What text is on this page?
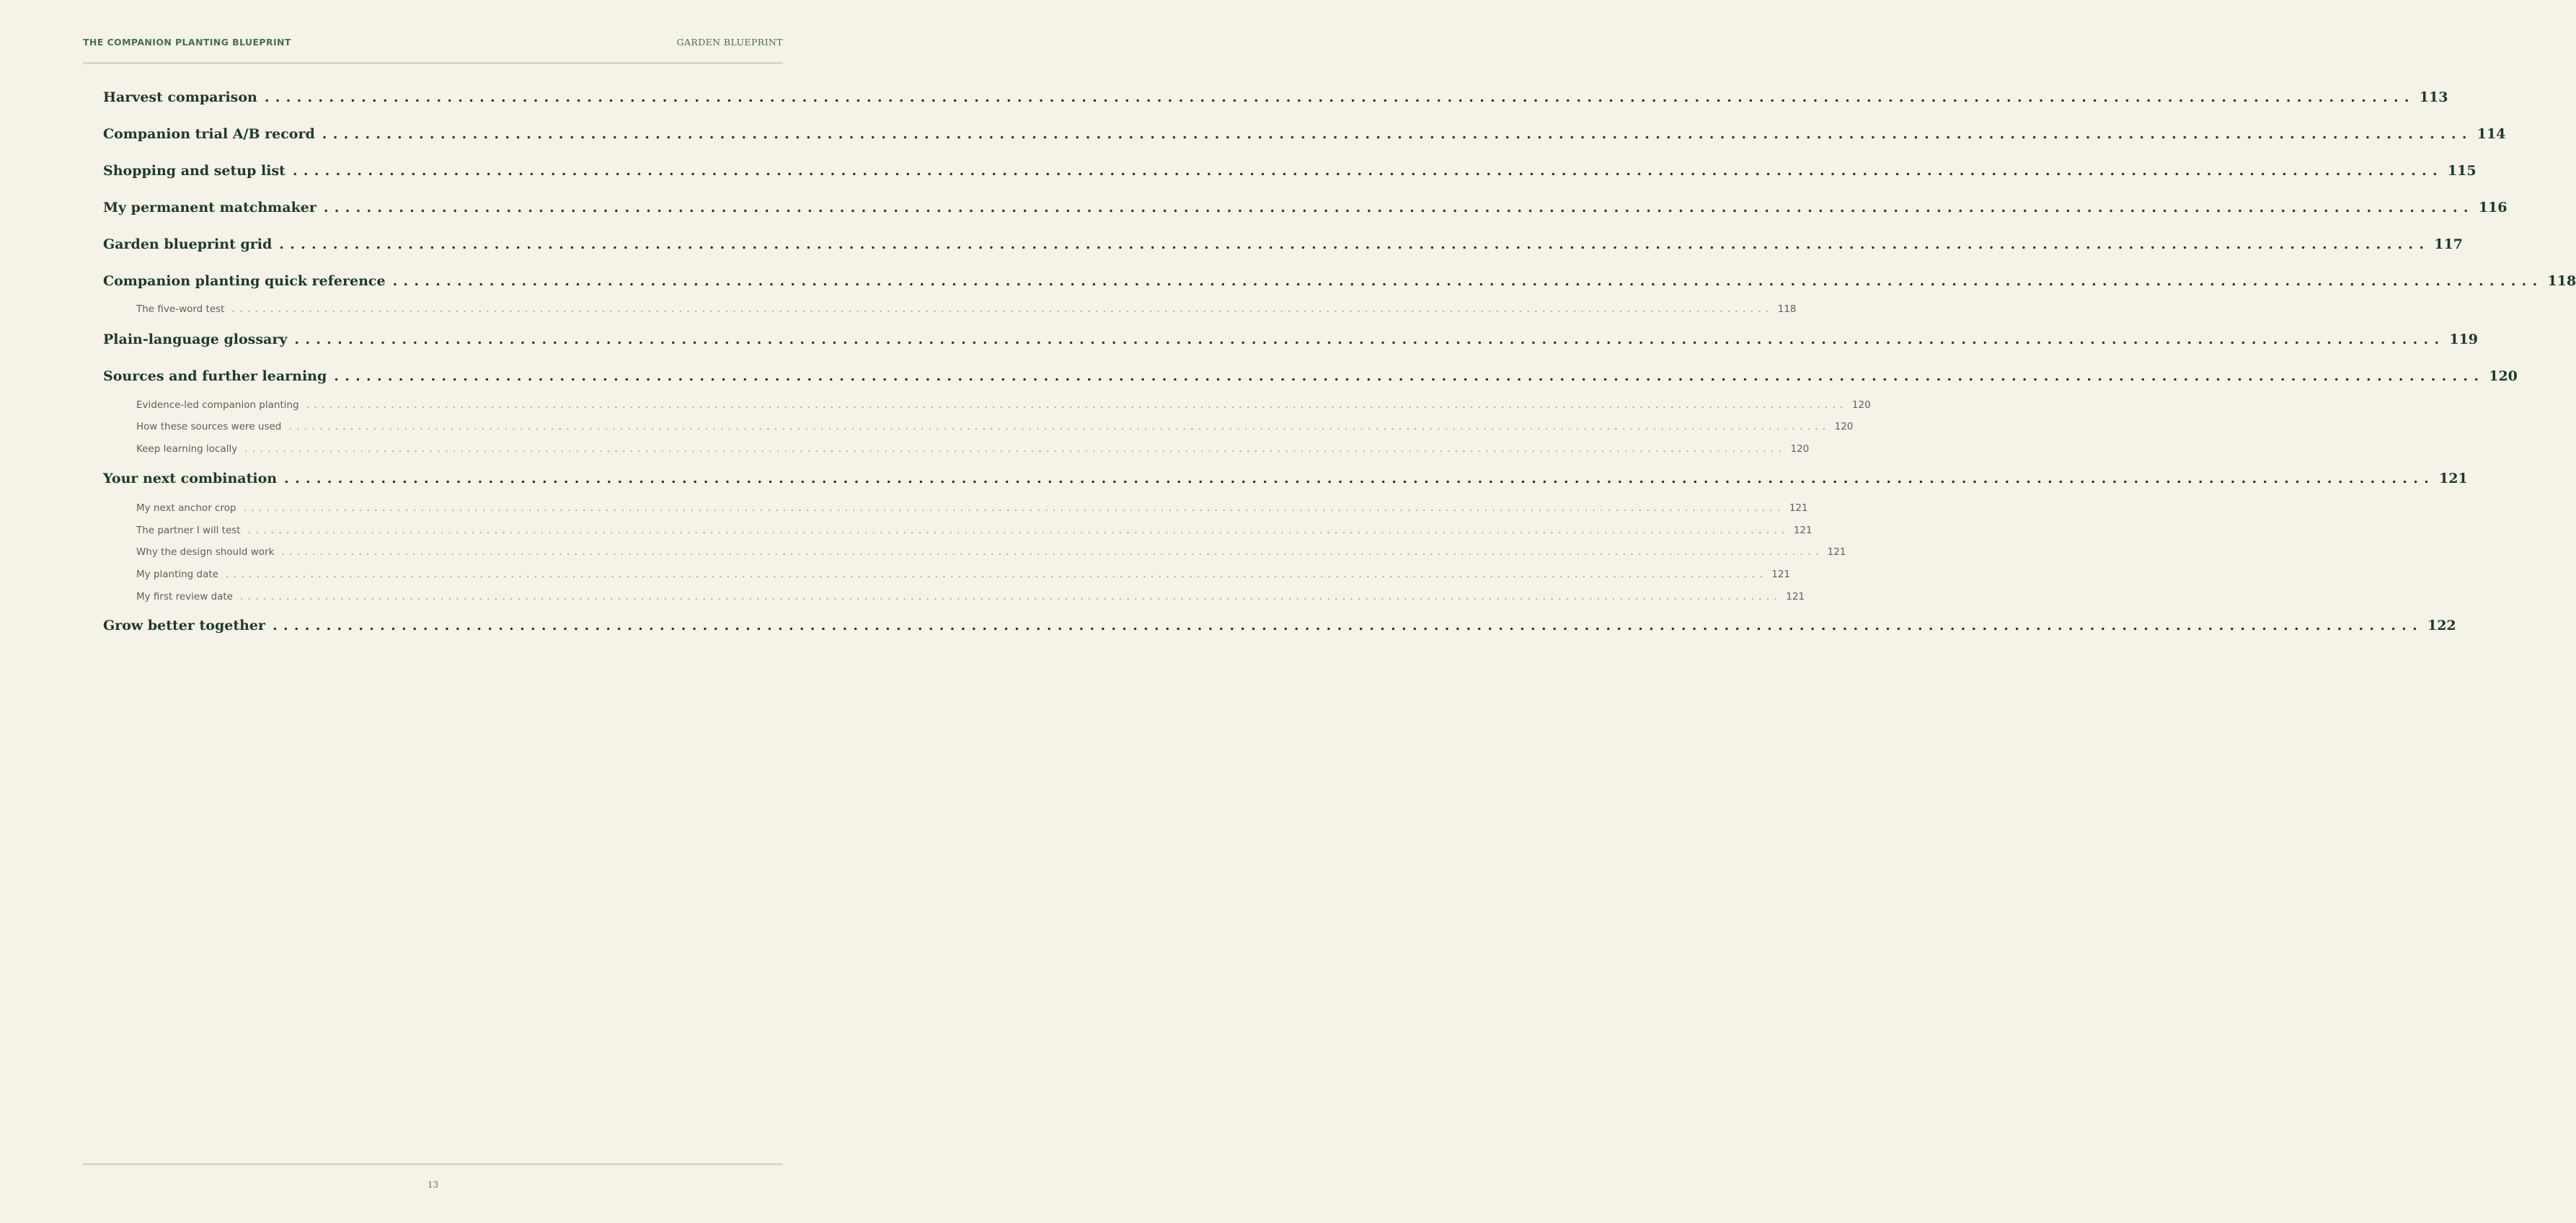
THE COMPANION PLANTING BLUEPRINT	GARDEN BLUEPRINT
Harvest comparison ........................................................................................................................................................................................................ 113
Companion trial A/B record ........................................................................................................................................................................................................ 114
Shopping and setup list ........................................................................................................................................................................................................ 115
My permanent matchmaker ........................................................................................................................................................................................................ 116
Garden blueprint grid ........................................................................................................................................................................................................ 117
Companion planting quick reference ........................................................................................................................................................................................................ 118
The five-word test ........................................................................................................................................................................................................ 118
Plain-language glossary ........................................................................................................................................................................................................ 119
Sources and further learning ........................................................................................................................................................................................................ 120
Evidence-led companion planting ........................................................................................................................................................................................................ 120
How these sources were used ........................................................................................................................................................................................................ 120
Keep learning locally ........................................................................................................................................................................................................ 120
Your next combination ........................................................................................................................................................................................................ 121
My next anchor crop ........................................................................................................................................................................................................ 121
The partner I will test ........................................................................................................................................................................................................ 121
Why the design should work ........................................................................................................................................................................................................ 121
My planting date ........................................................................................................................................................................................................ 121
My first review date ........................................................................................................................................................................................................ 121
Grow better together ........................................................................................................................................................................................................ 122
13
